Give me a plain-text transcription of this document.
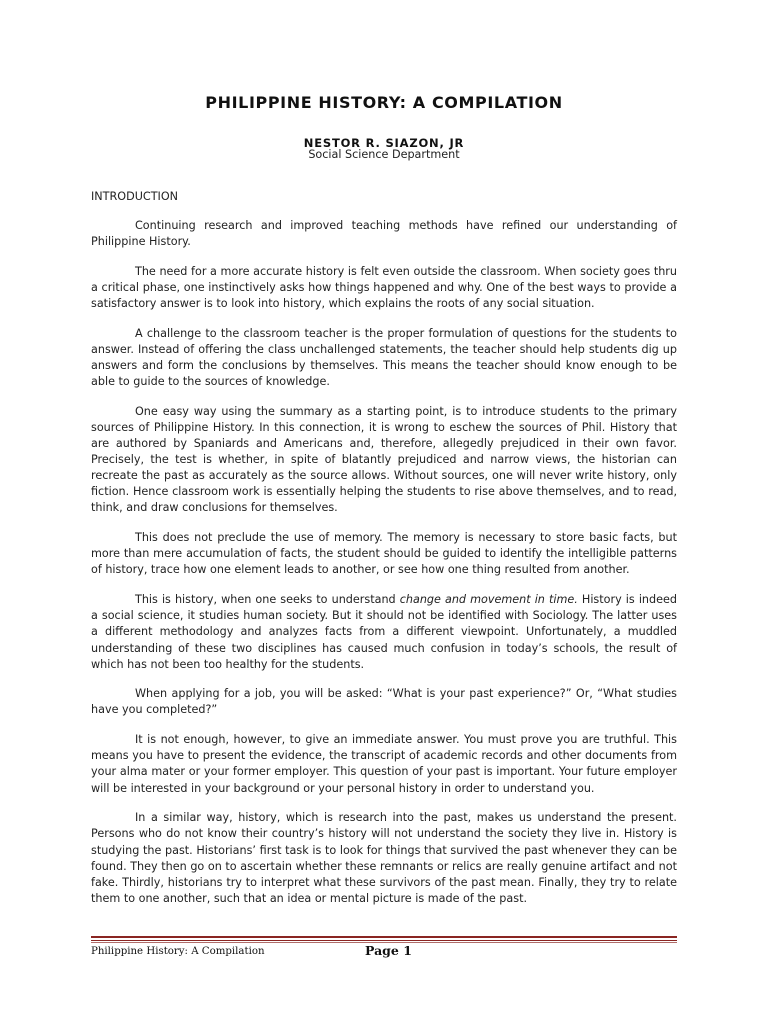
PHILIPPINE HISTORY: A COMPILATION
NESTOR R. SIAZON, JR
Social Science Department
INTRODUCTION

Continuing research and improved teaching methods have refined our understanding of Philippine History.

The need for a more accurate history is felt even outside the classroom. When society goes thru a critical phase, one instinctively asks how things happened and why. One of the best ways to provide a satisfactory answer is to look into history, which explains the roots of any social situation.

A challenge to the classroom teacher is the proper formulation of questions for the students to answer. Instead of offering the class unchallenged statements, the teacher should help students dig up answers and form the conclusions by themselves. This means the teacher should know enough to be able to guide to the sources of knowledge.

One easy way using the summary as a starting point, is to introduce students to the primary sources of Philippine History. In this connection, it is wrong to eschew the sources of Phil. History that are authored by Spaniards and Americans and, therefore, allegedly prejudiced in their own favor. Precisely, the test is whether, in spite of blatantly prejudiced and narrow views, the historian can recreate the past as accurately as the source allows. Without sources, one will never write history, only fiction. Hence classroom work is essentially helping the students to rise above themselves, and to read, think, and draw conclusions for themselves.

This does not preclude the use of memory. The memory is necessary to store basic facts, but more than mere accumulation of facts, the student should be guided to identify the intelligible patterns of history, trace how one element leads to another, or see how one thing resulted from another.

This is history, when one seeks to understand change and movement in time. History is indeed a social science, it studies human society. But it should not be identified with Sociology. The latter uses a different methodology and analyzes facts from a different viewpoint. Unfortunately, a muddled understanding of these two disciplines has caused much confusion in today’s schools, the result of which has not been too healthy for the students.

When applying for a job, you will be asked: “What is your past experience?” Or, “What studies have you completed?”

It is not enough, however, to give an immediate answer. You must prove you are truthful. This means you have to present the evidence, the transcript of academic records and other documents from your alma mater or your former employer. This question of your past is important. Your future employer will be interested in your background or your personal history in order to understand you.

In a similar way, history, which is research into the past, makes us understand the present. Persons who do not know their country’s history will not understand the society they live in. History is studying the past. Historians’ first task is to look for things that survived the past whenever they can be found. They then go on to ascertain whether these remnants or relics are really genuine artifact and not fake. Thirdly, historians try to interpret what these survivors of the past mean. Finally, they try to relate them to one another, such that an idea or mental picture is made of the past.

Philippine History: A Compilation	Page 1
